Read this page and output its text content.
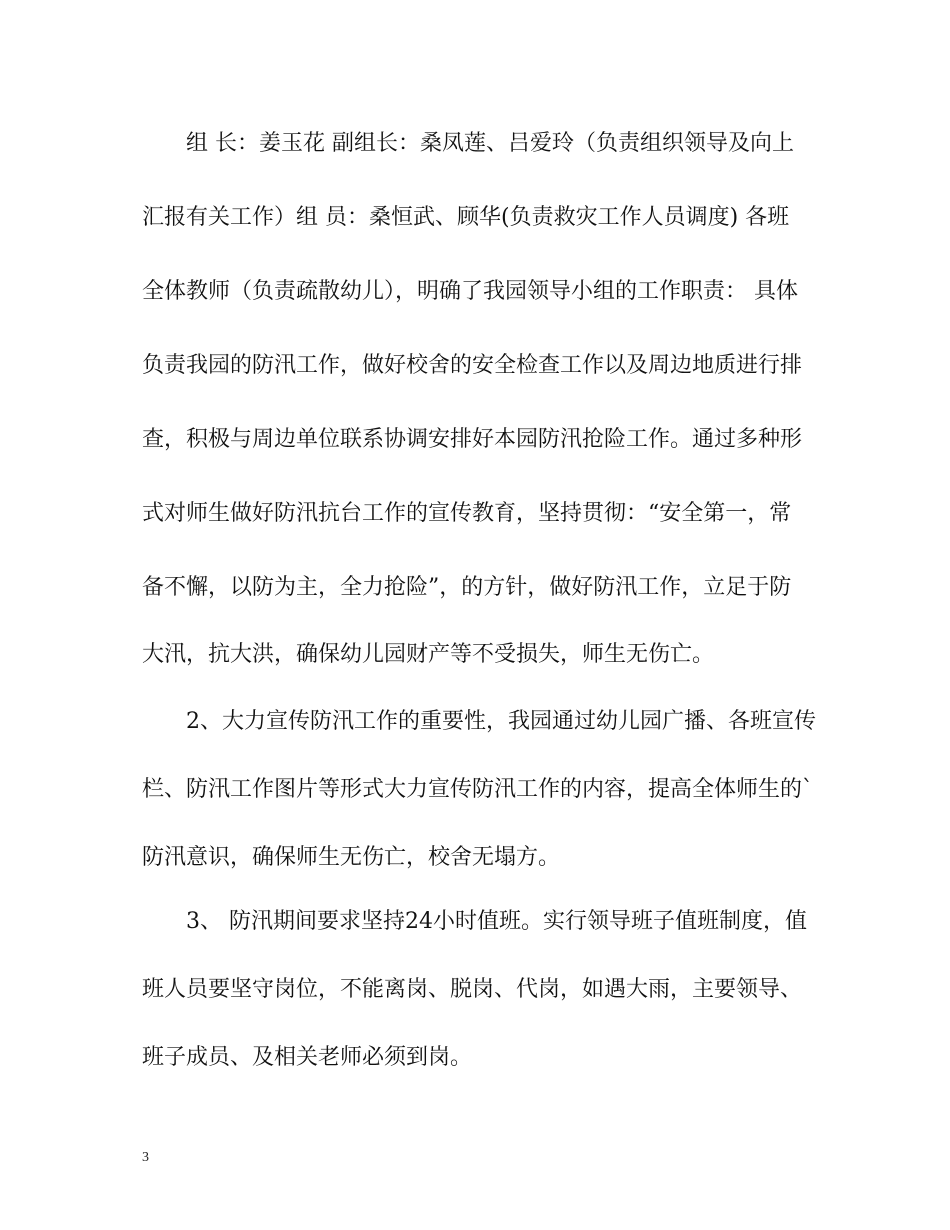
组 长：姜玉花 副组长：桑凤莲、吕爱玲（负责组织领导及向上
汇报有关工作）组 员：桑恒武、顾华(负责救灾工作人员调度) 各班
全体教师（负责疏散幼儿），明确了我园领导小组的工作职责： 具体
负责我园的防汛工作，做好校舍的安全检查工作以及周边地质进行排
查，积极与周边单位联系协调安排好本园防汛抢险工作。通过多种形
式对师生做好防汛抗台工作的宣传教育，坚持贯彻：“安全第一，常
备不懈，以防为主，全力抢险”，的方针，做好防汛工作，立足于防
大汛，抗大洪，确保幼儿园财产等不受损失，师生无伤亡。
2、大力宣传防汛工作的重要性，我园通过幼儿园广播、各班宣传
栏、防汛工作图片等形式大力宣传防汛工作的内容，提高全体师生的`
防汛意识，确保师生无伤亡，校舍无塌方。
3、 防汛期间要求坚持24小时值班。实行领导班子值班制度，值
班人员要坚守岗位，不能离岗、脱岗、代岗，如遇大雨，主要领导、
班子成员、及相关老师必须到岗。
3
